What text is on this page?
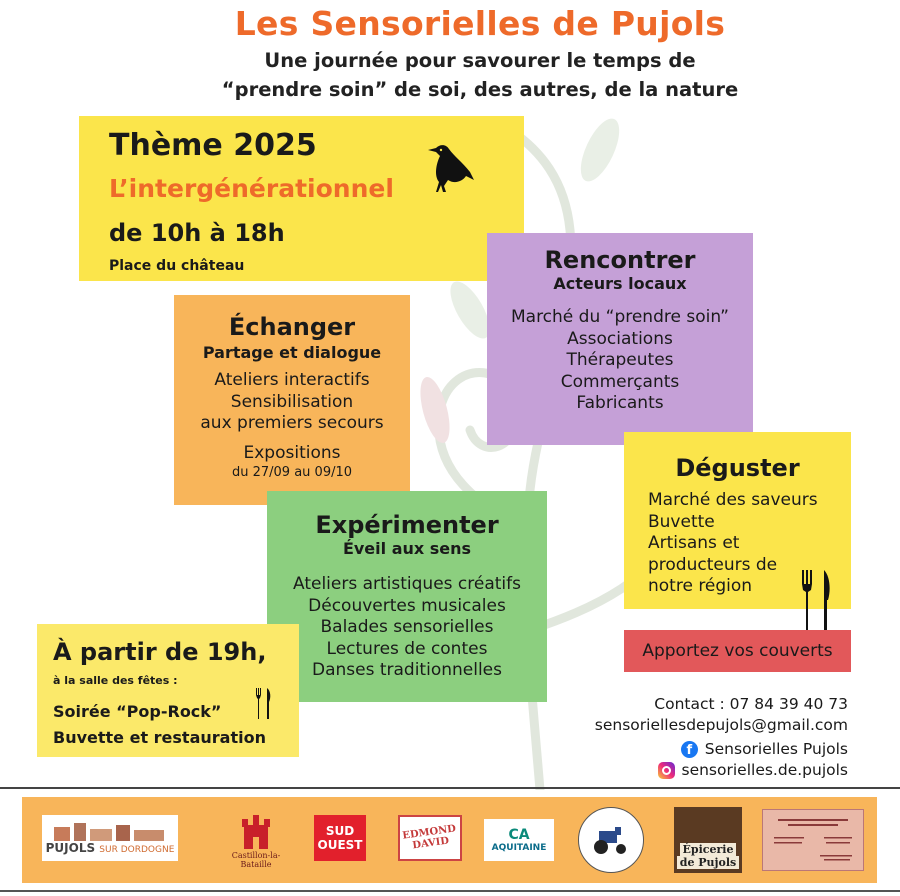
Les Sensorielles de Pujols
Une journée pour savourer le temps de
“prendre soin” de soi, des autres, de la nature
Thème 2025
L’intergénérationnel
de 10h à 18h
Place du château
Échanger
Partage et dialogue
Ateliers interactifs
Sensibilisation
aux premiers secours
Expositions
du 27/09 au 09/10
Rencontrer
Acteurs locaux
Marché du “prendre soin”
Associations
Thérapeutes
Commerçants
Fabricants
Expérimenter
Éveil aux sens
Ateliers artistiques créatifs
Découvertes musicales
Balades sensorielles
Lectures de contes
Danses traditionnelles
Déguster
Marché des saveurs
Buvette
Artisans et
producteurs de
notre région
Apportez vos couverts
À partir de 19h,
à la salle des fêtes :
Soirée “Pop-Rock”
Buvette et restauration
Contact : 07 84 39 40 73
sensoriellesdepujols@gmail.com
f Sensorielles Pujols
sensorielles.de.pujols
PUJOLS SUR DORDOGNE
Castillon-la-Bataille
SUD
OUEST
EDMOND DAVID
CA
AQUITAINE	Épicerie
de Pujols
